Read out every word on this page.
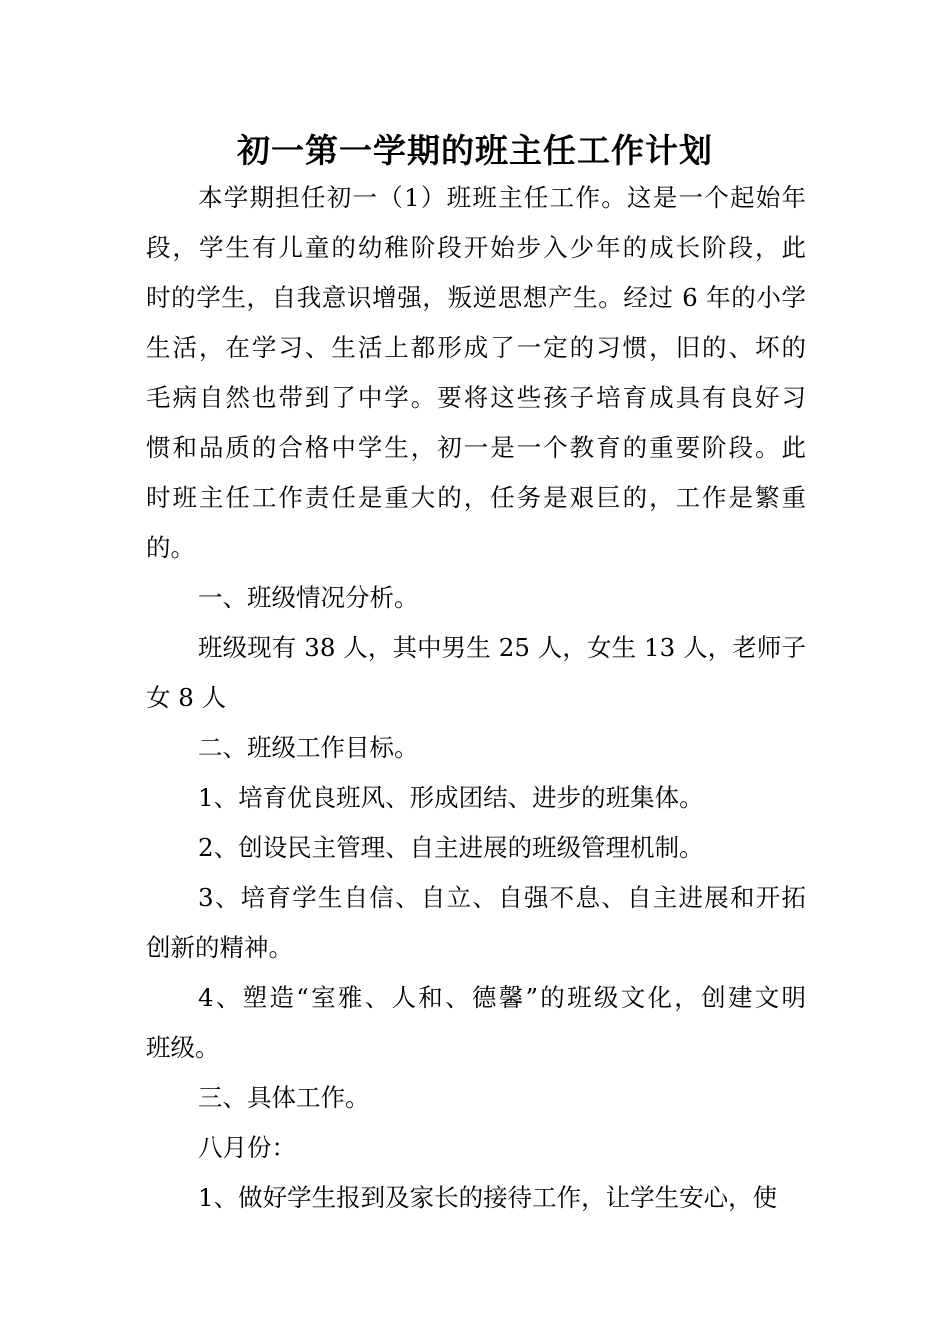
初一第一学期的班主任工作计划
本学期担任初一（1）班班主任工作。这是一个起始年
段，学生有儿童的幼稚阶段开始步入少年的成长阶段，此
时的学生，自我意识增强，叛逆思想产生。经过 6 年的小学
生活，在学习、生活上都形成了一定的习惯，旧的、坏的
毛病自然也带到了中学。要将这些孩子培育成具有良好习
惯和品质的合格中学生，初一是一个教育的重要阶段。此
时班主任工作责任是重大的，任务是艰巨的，工作是繁重
的。
一、班级情况分析。
班级现有 38 人，其中男生 25 人，女生 13 人，老师子
女 8 人
二、班级工作目标。
1、培育优良班风、形成团结、进步的班集体。
2、创设民主管理、自主进展的班级管理机制。
3、培育学生自信、自立、自强不息、自主进展和开拓
创新的精神。
4、塑造“室雅、人和、德馨”的班级文化，创建文明
班级。
三、具体工作。
八月份：
1、做好学生报到及家长的接待工作，让学生安心，使
